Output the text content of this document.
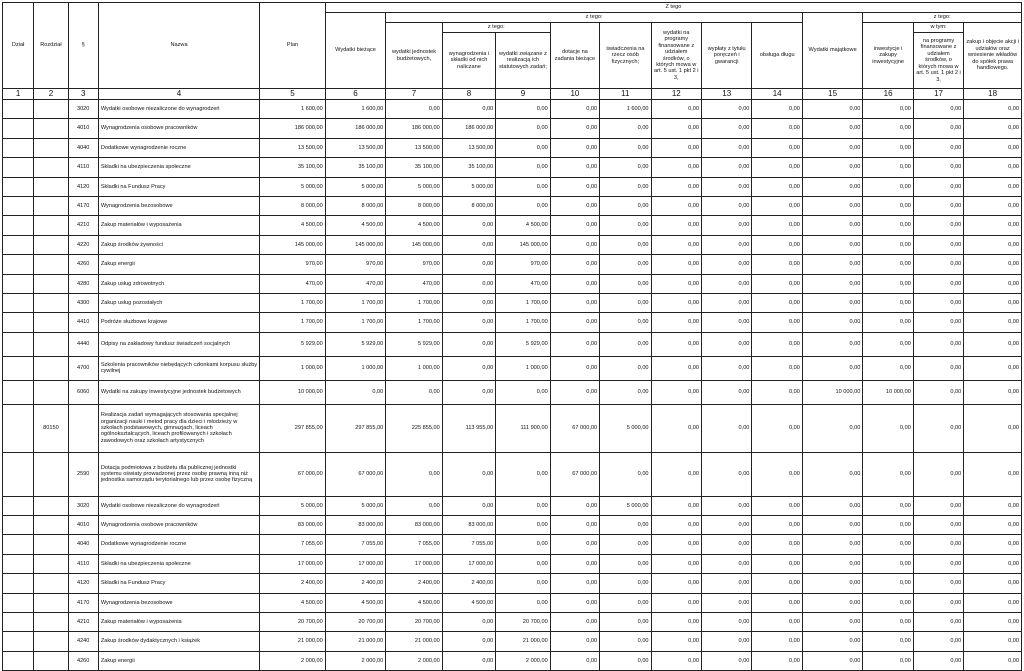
Dział	Rozdział	§	Nazwa	Plan	Z tego												
					Wydatki bieżące	z tego:								Wydatki majątkowe	z tego:		
						wydatki jednostek budżetowych,	z tego:		dotacje na zadania bieżące	świadczenia na rzecz osób fizycznych;	wydatki na programy finansowane z udziałem środków, o których mowa w art. 5 ust. 1 pkt 2 i 3,	wypłaty z tytułu poręczeń i gwarancji	obsługa długu		inwestycje i zakupy inwestycyjne	w tym:	zakup i objęcie akcji i udziałów oraz wniesienie wkładów do spółek prawa handlowego.
							wynagrodzenia i składki od nich naliczane	wydatki związane z realizacją ich statutowych zadań;								na programy finansowane z udziałem środków, o których mowa w art. 5 ust. 1 pkt 2 i 3,	

1	2	3	4	5	6	7	8	9	10	11	12	13	14	15	16	17	18
		3020	Wydatki osobowe niezaliczone do wynagrodzeń	1 600,00	1 600,00	0,00	0,00	0,00	0,00	1 600,00	0,00	0,00	0,00	0,00	0,00	0,00	0,00
		4010	Wynagrodzenia osobowe pracowników	186 000,00	186 000,00	186 000,00	186 000,00	0,00	0,00	0,00	0,00	0,00	0,00	0,00	0,00	0,00	0,00
		4040	Dodatkowe wynagrodzenie roczne	13 500,00	13 500,00	13 500,00	13 500,00	0,00	0,00	0,00	0,00	0,00	0,00	0,00	0,00	0,00	0,00
		4110	Składki na ubezpieczenia społeczne	35 100,00	35 100,00	35 100,00	35 100,00	0,00	0,00	0,00	0,00	0,00	0,00	0,00	0,00	0,00	0,00
		4120	Składki na Fundusz Pracy	5 000,00	5 000,00	5 000,00	5 000,00	0,00	0,00	0,00	0,00	0,00	0,00	0,00	0,00	0,00	0,00
		4170	Wynagrodzenia bezosobowe	8 000,00	8 000,00	8 000,00	8 000,00	0,00	0,00	0,00	0,00	0,00	0,00	0,00	0,00	0,00	0,00
		4210	Zakup materiałów i wyposażenia	4 500,00	4 500,00	4 500,00	0,00	4 500,00	0,00	0,00	0,00	0,00	0,00	0,00	0,00	0,00	0,00
		4220	Zakup środków żywności	145 000,00	145 000,00	145 000,00	0,00	145 000,00	0,00	0,00	0,00	0,00	0,00	0,00	0,00	0,00	0,00
		4260	Zakup energii	970,00	970,00	970,00	0,00	970,00	0,00	0,00	0,00	0,00	0,00	0,00	0,00	0,00	0,00
		4280	Zakup usług zdrowotnych	470,00	470,00	470,00	0,00	470,00	0,00	0,00	0,00	0,00	0,00	0,00	0,00	0,00	0,00
		4300	Zakup usług pozostałych	1 700,00	1 700,00	1 700,00	0,00	1 700,00	0,00	0,00	0,00	0,00	0,00	0,00	0,00	0,00	0,00
		4410	Podróże służbowe krajowe	1 700,00	1 700,00	1 700,00	0,00	1 700,00	0,00	0,00	0,00	0,00	0,00	0,00	0,00	0,00	0,00
		4440	Odpisy na zakładowy fundusz świadczeń socjalnych	5 929,00	5 929,00	5 929,00	0,00	5 929,00	0,00	0,00	0,00	0,00	0,00	0,00	0,00	0,00	0,00
		4700	Szkolenia pracowników niebędących członkami korpusu służby cywilnej	1 000,00	1 000,00	1 000,00	0,00	1 000,00	0,00	0,00	0,00	0,00	0,00	0,00	0,00	0,00	0,00
		6060	Wydatki na zakupy inwestycyjne jednostek budżetowych	10 000,00	0,00	0,00	0,00	0,00	0,00	0,00	0,00	0,00	0,00	10 000,00	10 000,00	0,00	0,00
	80150		Realizacja zadań wymagających stosowania specjalnej organizacji nauki i metod pracy dla dzieci i młodzieży w szkołach podstawowych, gimnazjach, liceach ogólnokształcących, liceach profilowanych i szkołach zawodowych oraz szkołach artystycznych	297 855,00	297 855,00	225 855,00	113 955,00	111 900,00	67 000,00	5 000,00	0,00	0,00	0,00	0,00	0,00	0,00	0,00
		2590	Dotacja podmiotowa z budżetu dla publicznej jednostki systemu oświaty prowadzonej przez osobę prawną inną niż jednostka samorządu terytorialnego lub przez osobę fizyczną	67 000,00	67 000,00	0,00	0,00	0,00	67 000,00	0,00	0,00	0,00	0,00	0,00	0,00	0,00	0,00
		3020	Wydatki osobowe niezaliczone do wynagrodzeń	5 000,00	5 000,00	0,00	0,00	0,00	0,00	5 000,00	0,00	0,00	0,00	0,00	0,00	0,00	0,00
		4010	Wynagrodzenia osobowe pracowników	83 000,00	83 000,00	83 000,00	83 000,00	0,00	0,00	0,00	0,00	0,00	0,00	0,00	0,00	0,00	0,00
		4040	Dodatkowe wynagrodzenie roczne	7 055,00	7 055,00	7 055,00	7 055,00	0,00	0,00	0,00	0,00	0,00	0,00	0,00	0,00	0,00	0,00
		4110	Składki na ubezpieczenia społeczne	17 000,00	17 000,00	17 000,00	17 000,00	0,00	0,00	0,00	0,00	0,00	0,00	0,00	0,00	0,00	0,00
		4120	Składki na Fundusz Pracy	2 400,00	2 400,00	2 400,00	2 400,00	0,00	0,00	0,00	0,00	0,00	0,00	0,00	0,00	0,00	0,00
		4170	Wynagrodzenia bezosobowe	4 500,00	4 500,00	4 500,00	4 500,00	0,00	0,00	0,00	0,00	0,00	0,00	0,00	0,00	0,00	0,00
		4210	Zakup materiałów i wyposażenia	20 700,00	20 700,00	20 700,00	0,00	20 700,00	0,00	0,00	0,00	0,00	0,00	0,00	0,00	0,00	0,00
		4240	Zakup środków dydaktycznych i książek	21 000,00	21 000,00	21 000,00	0,00	21 000,00	0,00	0,00	0,00	0,00	0,00	0,00	0,00	0,00	0,00
		4260	Zakup energii	2 000,00	2 000,00	2 000,00	0,00	2 000,00	0,00	0,00	0,00	0,00	0,00	0,00	0,00	0,00	0,00
